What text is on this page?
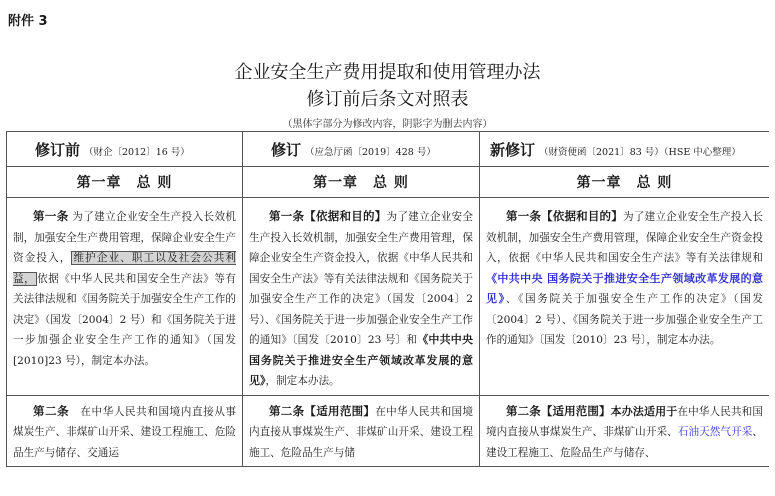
附件 3
企业安全生产费用提取和使用管理办法
修订前后条文对照表
（黑体字部分为修改内容，阴影字为删去内容）
修订前 （财企〔2012〕16 号）	修订 （应急厅函〔2019〕428 号）	新修订 （财资便函〔2021〕83 号）（HSE 中心整理）
第一章　总 则	第一章　总 则	第一章　总 则
第一条 为了建立企业安全生产投入长效机制，加强安全生产费用管理，保障企业安全生产资金投入， 维护企业、职工以及社会公共利益， 依据《中华人民共和国安全生产法》等有关法律法规和《国务院关于加强安全生产工作的决定》（国发〔2004〕2 号）和《国务院关于进一步加强企业安全生产工作的通知》（国发[2010]23 号），制定本办法。	第一条【依据和目的】为了建立企业安全生产投入长效机制，加强安全生产费用管理，保障企业安全生产资金投入，依据《中华人民共和国安全生产法》等有关法律法规和《国务院关于加强安全生产工作的决定》（国发〔2004〕2 号）、《国务院关于进一步加强企业安全生产工作的通知》〔国发〔2010〕23 号〕和《中共中央 国务院关于推进安全生产领域改革发展的意见》，制定本办法。	第一条【依据和目的】为了建立企业安全生产投入长效机制，加强安全生产费用管理，保障企业安全生产资金投入，依据《中华人民共和国安全生产法》等有关法律规和《中共中央 国务院关于推进安全生产领域改革发展的意见》、《国务院关于加强安全生产工作的决定》（国发〔2004〕2 号）、《国务院关于进一步加强企业安全生产工作的通知》〔国发〔2010〕23 号〕，制定本办法。
第二条　 在中华人民共和国境内直接从事煤炭生产、非煤矿山开采、建设工程施工、危险品生产与储存、交通运	第二条【适用范围】在中华人民共和国境内直接从事煤炭生产、非煤矿山开采、建设工程施工、危险品生产与储	第二条【适用范围】本办法适用于在中华人民共和国境内直接从事煤炭生产、非煤矿山开采、石油天然气开采、建设工程施工、危险品生产与储存、
